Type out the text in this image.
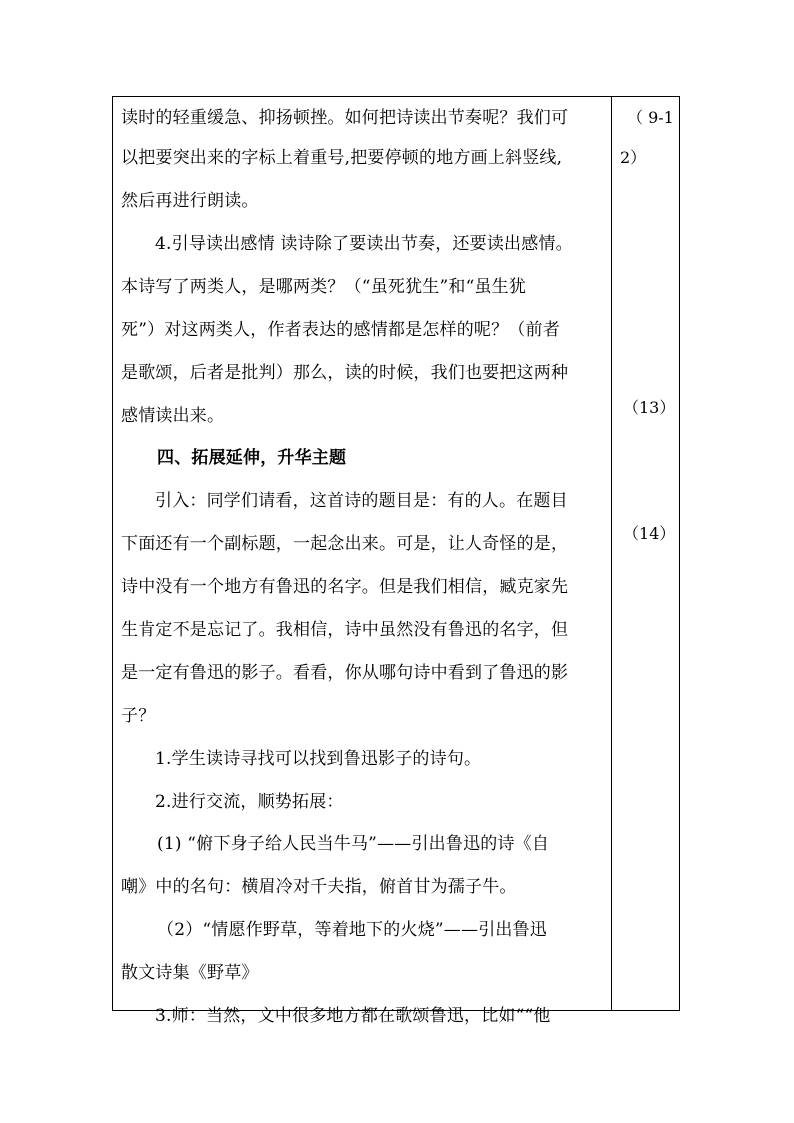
读时的轻重缓急、抑扬顿挫。如何把诗读出节奏呢？我们可
以把要突出来的字标上着重号,把要停顿的地方画上斜竖线,
然后再进行朗读。
4.引导读出感情 读诗除了要读出节奏，还要读出感情。
本诗写了两类人，是哪两类？（“虽死犹生”和“虽生犹
死”）对这两类人，作者表达的感情都是怎样的呢？（前者
是歌颂，后者是批判）那么，读的时候，我们也要把这两种
感情读出来。
四、拓展延伸，升华主题
引入：同学们请看，这首诗的题目是：有的人。在题目
下面还有一个副标题，一起念出来。可是，让人奇怪的是，
诗中没有一个地方有鲁迅的名字。但是我们相信，臧克家先
生肯定不是忘记了。我相信，诗中虽然没有鲁迅的名字，但
是一定有鲁迅的影子。看看，你从哪句诗中看到了鲁迅的影
子？
1.学生读诗寻找可以找到鲁迅影子的诗句。
2.进行交流，顺势拓展：
(1) “俯下身子给人民当牛马”——引出鲁迅的诗《自
嘲》中的名句：横眉冷对千夫指，俯首甘为孺子牛。
（2）“情愿作野草，等着地下的火烧”——引出鲁迅
散文诗集《野草》
3.师：当然，文中很多地方都在歌颂鲁迅，比如““他
（ 9-1
2）
（13）
（14）
